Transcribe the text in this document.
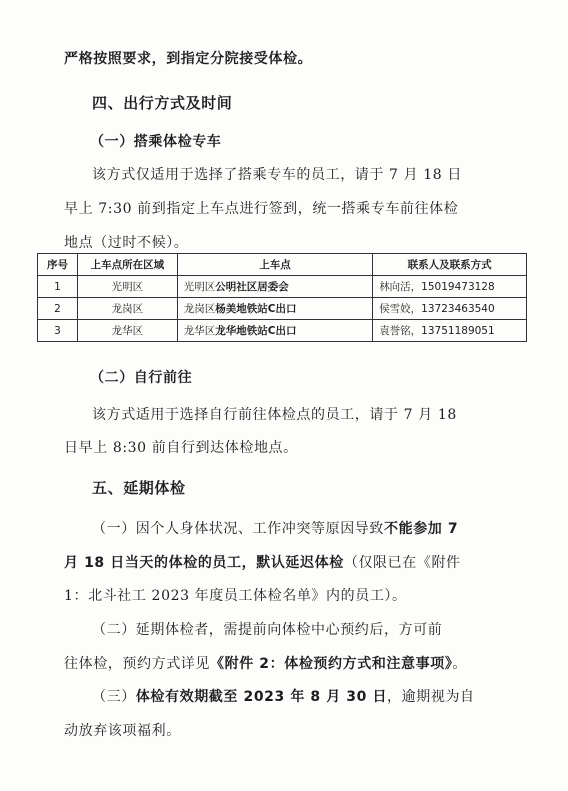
严格按照要求，到指定分院接受体检。
四、出行方式及时间
（一）搭乘体检专车
该方式仅适用于选择了搭乘专车的员工，请于 7 月 18 日
早上 7:30 前到指定上车点进行签到，统一搭乘专车前往体检
地点（过时不候）。
序号	上车点所在区域	上车点	联系人及联系方式
1	光明区	光明区公明社区居委会	林向活，15019473128
2	龙岗区	龙岗区杨美地铁站C出口	侯雪姣，13723463540
3	龙华区	龙华区龙华地铁站C出口	袁誉铭，13751189051
（二）自行前往
该方式适用于选择自行前往体检点的员工，请于 7 月 18
日早上 8:30 前自行到达体检地点。
五、延期体检
（一）因个人身体状况、工作冲突等原因导致不能参加 7
月 18 日当天的体检的员工，默认延迟体检（仅限已在《附件
1：北斗社工 2023 年度员工体检名单》内的员工）。
（二）延期体检者，需提前向体检中心预约后，方可前
往体检，预约方式详见《附件 2：体检预约方式和注意事项》。
（三）体检有效期截至 2023 年 8 月 30 日，逾期视为自
动放弃该项福利。
